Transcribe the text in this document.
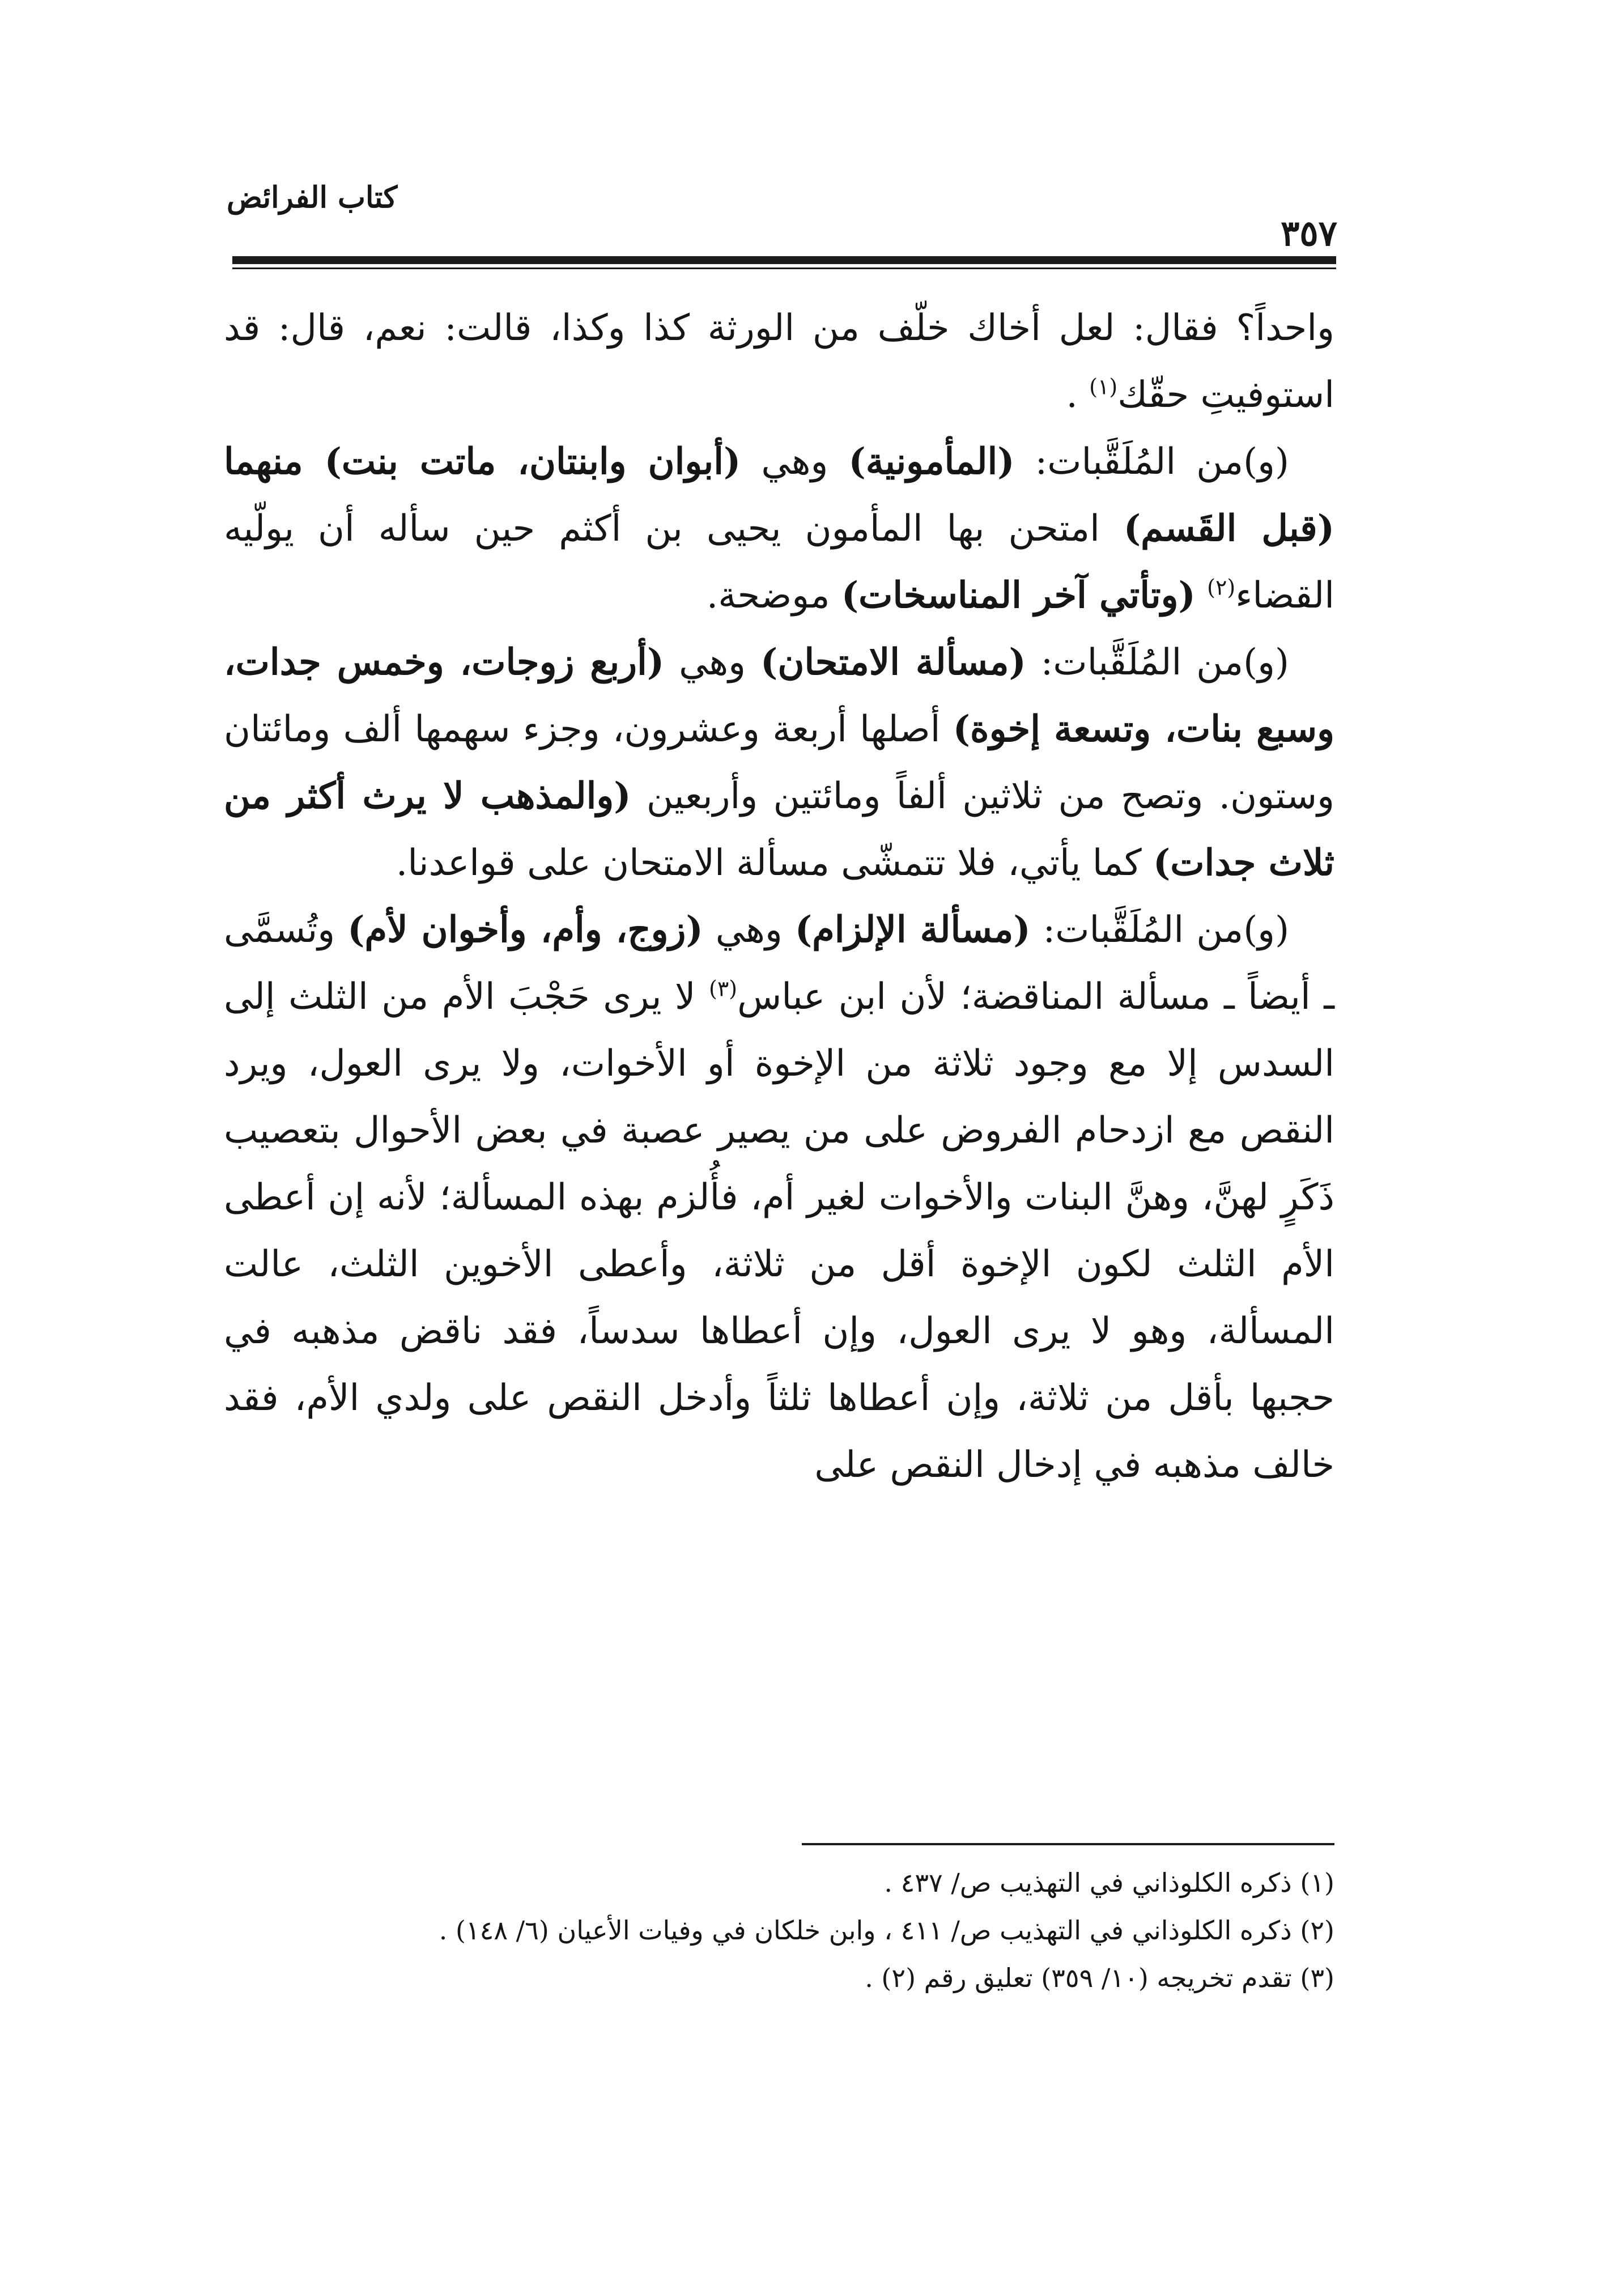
كتاب الفرائض
٣٥٧

واحداً؟ فقال: لعل أخاك خلّف من الورثة كذا وكذا، قالت: نعم، قال: قد استوفيتِ حقّك$^{(١)}$ .

(و)من المُلَقَّبات: (المأمونية) وهي (أبوان وابنتان، ماتت بنت) منهما (قبل القَسم) امتحن بها المأمون يحيى بن أكثم حين سأله أن يولّيه القضاء$^{(٢)}$ (وتأتي آخر المناسخات) موضحة.

(و)من المُلَقَّبات: (مسألة الامتحان) وهي (أربع زوجات، وخمس جدات، وسبع بنات، وتسعة إخوة) أصلها أربعة وعشرون، وجزء سهمها ألف ومائتان وستون. وتصح من ثلاثين ألفاً ومائتين وأربعين (والمذهب لا يرث أكثر من ثلاث جدات) كما يأتي، فلا تتمشّى مسألة الامتحان على قواعدنا.

(و)من المُلَقَّبات: (مسألة الإلزام) وهي (زوج، وأم، وأخوان لأم) وتُسمَّى ـ أيضاً ـ مسألة المناقضة؛ لأن ابن عباس$^{(٣)}$ لا يرى حَجْبَ الأم من الثلث إلى السدس إلا مع وجود ثلاثة من الإخوة أو الأخوات، ولا يرى العول، ويرد النقص مع ازدحام الفروض على من يصير عصبة في بعض الأحوال بتعصيب ذَكَرٍ لهنَّ، وهنَّ البنات والأخوات لغير أم، فأُلزم بهذه المسألة؛ لأنه إن أعطى الأم الثلث لكون الإخوة أقل من ثلاثة، وأعطى الأخوين الثلث، عالت المسألة، وهو لا يرى العول، وإن أعطاها سدساً، فقد ناقض مذهبه في حجبها بأقل من ثلاثة، وإن أعطاها ثلثاً وأدخل النقص على ولدي الأم، فقد خالف مذهبه في إدخال النقص على

(١) ذكره الكلوذاني في التهذيب ص/ ٤٣٧ .

(٢) ذكره الكلوذاني في التهذيب ص/ ٤١١ ، وابن خلكان في وفيات الأعيان (٦/ ١٤٨) .

(٣) تقدم تخريجه (١٠/ ٣٥٩) تعليق رقم (٢) .
